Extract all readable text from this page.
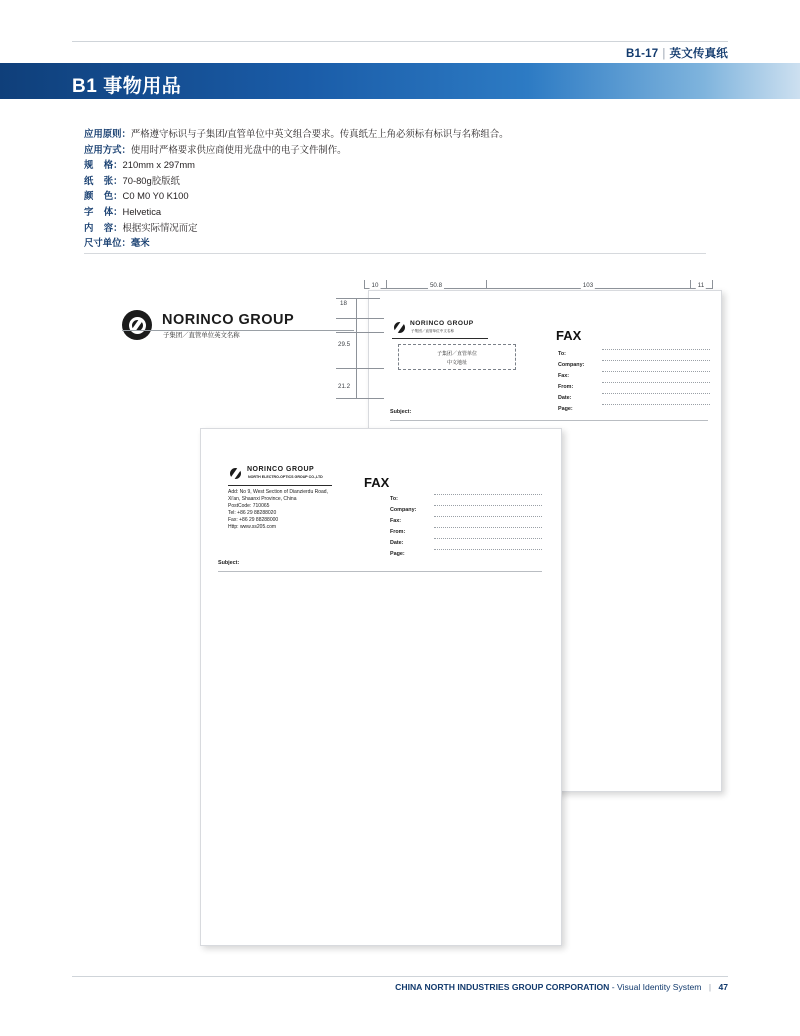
B1-17 | 英文传真纸
B1 事物用品
应用原则： 严格遵守标识与子集团/直管单位中英文组合要求。传真纸左上角必须标有标识与名称组合。
应用方式： 使用时严格要求供应商使用光盘中的电子文件制作。
规    格： 210mm x 297mm
纸    张： 70-80g胶版纸
颜    色： C0 M0 Y0 K100
字    体： Helvetica
内    容： 根据实际情况而定
尺寸单位：毫米
10	50.8	103	11
18
29.5
21.2
NORINCO GROUP
子集团／直管单位英文名称
NORINCO GROUP
子集团／直管单位中文名称
子集团／直管单位
中文地址
FAX
To:
Company:
Fax:
From:
Date:
Page:
Subject:
NORINCO GROUP
NORTH ELECTRO-OPTICS GROUP CO.,LTD
Add: No 9, West Section of Dianzierdu Road,
Xi'an, Shaanxi Province, China
PostCode: 710065
Tel: +86 29 88288020
Fax: +86 29 88288000
Http: www.ss205.com
FAX
To:
Company:
Fax:
From:
Date:
Page:
Subject:
CHINA NORTH INDUSTRIES GROUP CORPORATION - Visual Identity System | 47
